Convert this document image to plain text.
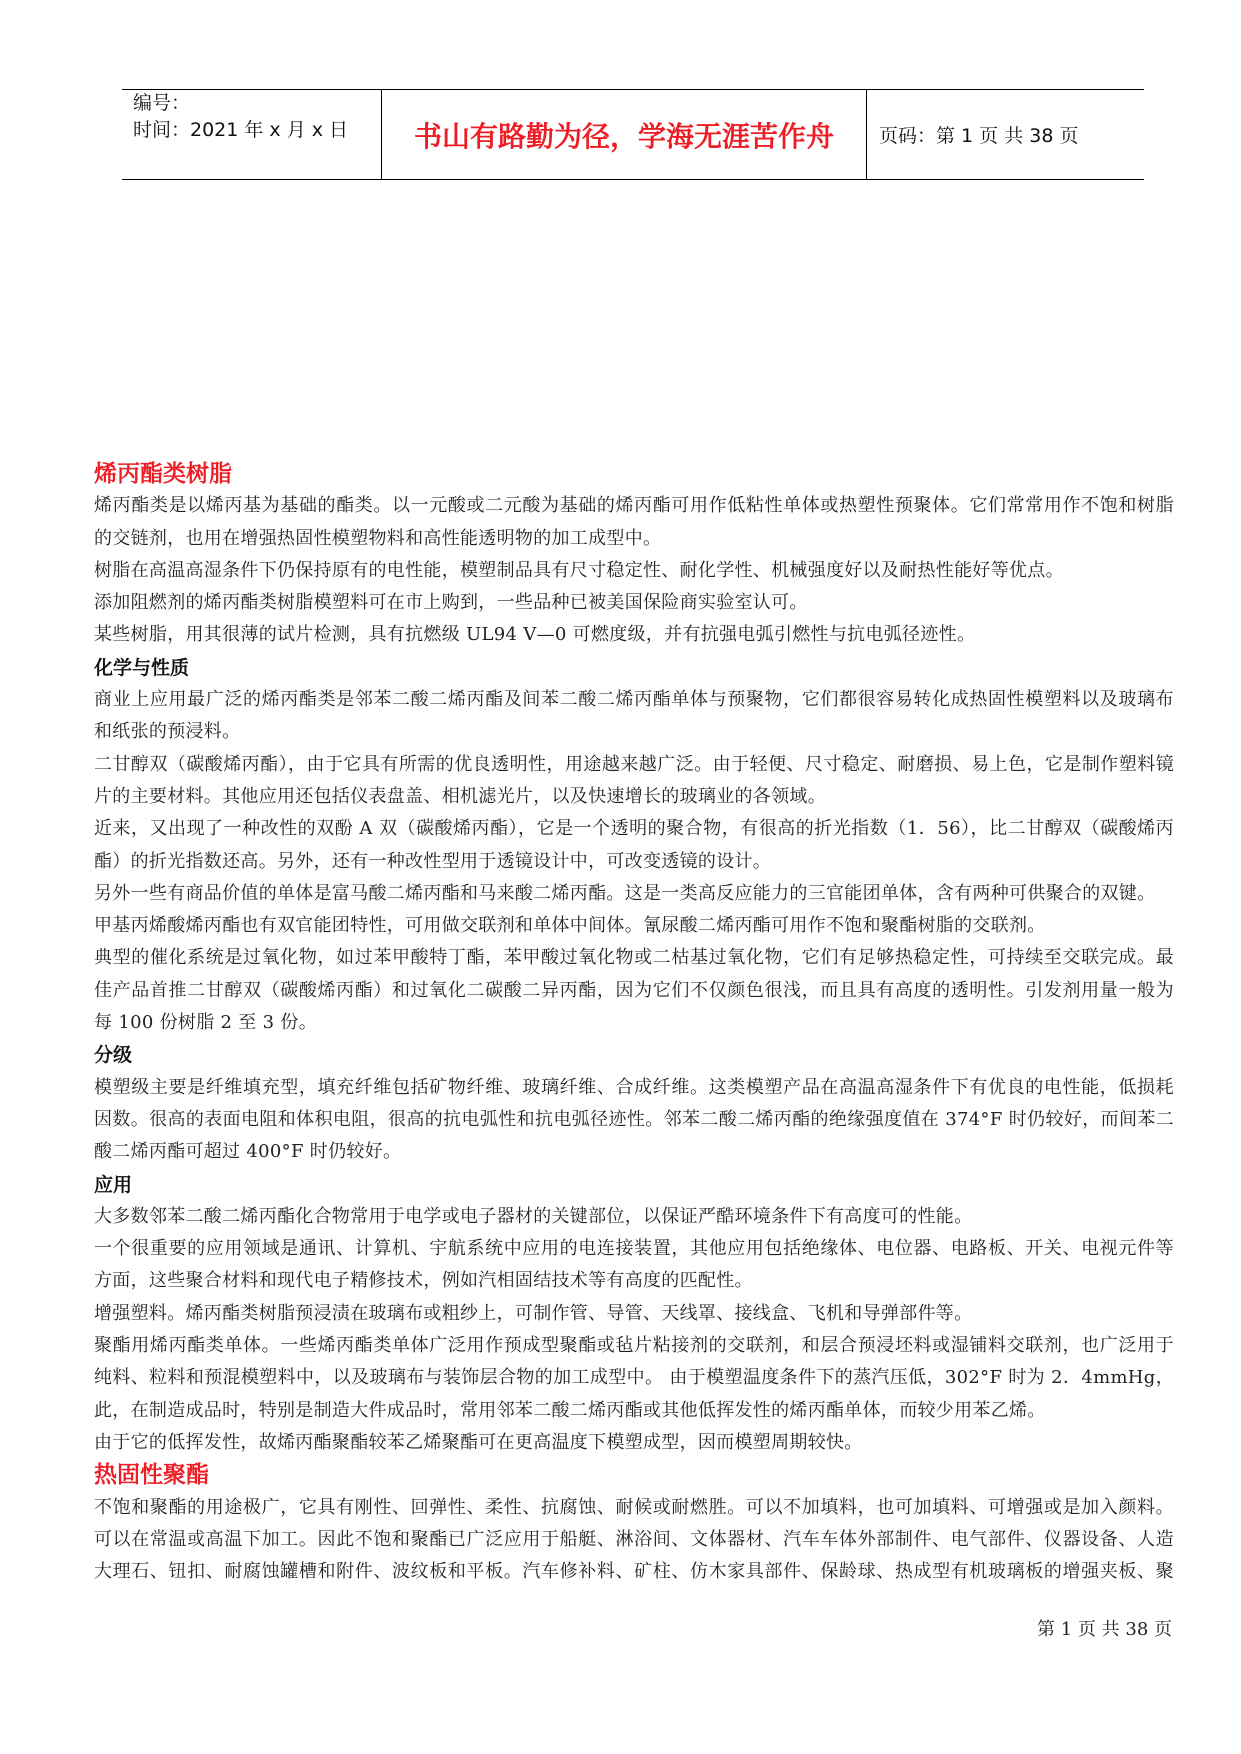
编号：
时间：2021 年 x 月 x 日	书山有路勤为径，学海无涯苦作舟 页码：第 1 页 共 38 页
烯丙酯类树脂
烯丙酯类是以烯丙基为基础的酯类。以一元酸或二元酸为基础的烯丙酯可用作低粘性单体或热塑性预聚体。它们常常用作不饱和树脂
的交链剂，也用在增强热固性模塑物料和高性能透明物的加工成型中。
树脂在高温高湿条件下仍保持原有的电性能，模塑制品具有尺寸稳定性、耐化学性、机械强度好以及耐热性能好等优点。
添加阻燃剂的烯丙酯类树脂模塑料可在市上购到，一些品种已被美国保险商实验室认可。
某些树脂，用其很薄的试片检测，具有抗燃级 UL94 V—0 可燃度级，并有抗强电弧引燃性与抗电弧径迹性。
化学与性质
商业上应用最广泛的烯丙酯类是邻苯二酸二烯丙酯及间苯二酸二烯丙酯单体与预聚物，它们都很容易转化成热固性模塑料以及玻璃布
和纸张的预浸料。
二甘醇双（碳酸烯丙酯），由于它具有所需的优良透明性，用途越来越广泛。由于轻便、尺寸稳定、耐磨损、易上色，它是制作塑料镜
片的主要材料。其他应用还包括仪表盘盖、相机滤光片，以及快速增长的玻璃业的各领域。
近来，又出现了一种改性的双酚 A 双（碳酸烯丙酯），它是一个透明的聚合物，有很高的折光指数（1．56），比二甘醇双（碳酸烯丙
酯）的折光指数还高。另外，还有一种改性型用于透镜设计中，可改变透镜的设计。
另外一些有商品价值的单体是富马酸二烯丙酯和马来酸二烯丙酯。这是一类高反应能力的三官能团单体，含有两种可供聚合的双键。
甲基丙烯酸烯丙酯也有双官能团特性，可用做交联剂和单体中间体。氰尿酸二烯丙酯可用作不饱和聚酯树脂的交联剂。
典型的催化系统是过氧化物，如过苯甲酸特丁酯，苯甲酸过氧化物或二枯基过氧化物，它们有足够热稳定性，可持续至交联完成。最
佳产品首推二甘醇双（碳酸烯丙酯）和过氧化二碳酸二异丙酯，因为它们不仅颜色很浅，而且具有高度的透明性。引发剂用量一般为
每 100 份树脂 2 至 3 份。
分级
模塑级主要是纤维填充型，填充纤维包括矿物纤维、玻璃纤维、合成纤维。这类模塑产品在高温高湿条件下有优良的电性能，低损耗
因数。很高的表面电阻和体积电阻，很高的抗电弧性和抗电弧径迹性。邻苯二酸二烯丙酯的绝缘强度值在 374°F 时仍较好，而间苯二
酸二烯丙酯可超过 400°F 时仍较好。
应用
大多数邻苯二酸二烯丙酯化合物常用于电学或电子器材的关键部位，以保证严酷环境条件下有高度可的性能。
一个很重要的应用领域是通讯、计算机、宇航系统中应用的电连接装置，其他应用包括绝缘体、电位器、电路板、开关、电视元件等
方面，这些聚合材料和现代电子精修技术，例如汽相固结技术等有高度的匹配性。
增强塑料。烯丙酯类树脂预浸渍在玻璃布或粗纱上，可制作管、导管、天线罩、接线盒、飞机和导弹部件等。
聚酯用烯丙酯类单体。一些烯丙酯类单体广泛用作预成型聚酯或毡片粘接剂的交联剂，和层合预浸坯料或湿铺料交联剂，也广泛用于
纯料、粒料和预混模塑料中，以及玻璃布与装饰层合物的加工成型中。 由于模塑温度条件下的蒸汽压低，302°F 时为 2．4mmHg，
此，在制造成品时，特别是制造大件成品时，常用邻苯二酸二烯丙酯或其他低挥发性的烯丙酯单体，而较少用苯乙烯。
由于它的低挥发性，故烯丙酯聚酯较苯乙烯聚酯可在更高温度下模塑成型，因而模塑周期较快。
热固性聚酯
不饱和聚酯的用途极广，它具有刚性、回弹性、柔性、抗腐蚀、耐候或耐燃胜。可以不加填料，也可加填料、可增强或是加入颜料。
可以在常温或高温下加工。因此不饱和聚酯已广泛应用于船艇、淋浴间、文体器材、汽车车体外部制件、电气部件、仪器设备、人造
大理石、钮扣、耐腐蚀罐槽和附件、波纹板和平板。汽车修补料、矿柱、仿木家具部件、保龄球、热成型有机玻璃板的增强夹板、聚
第 1 页 共 38 页
